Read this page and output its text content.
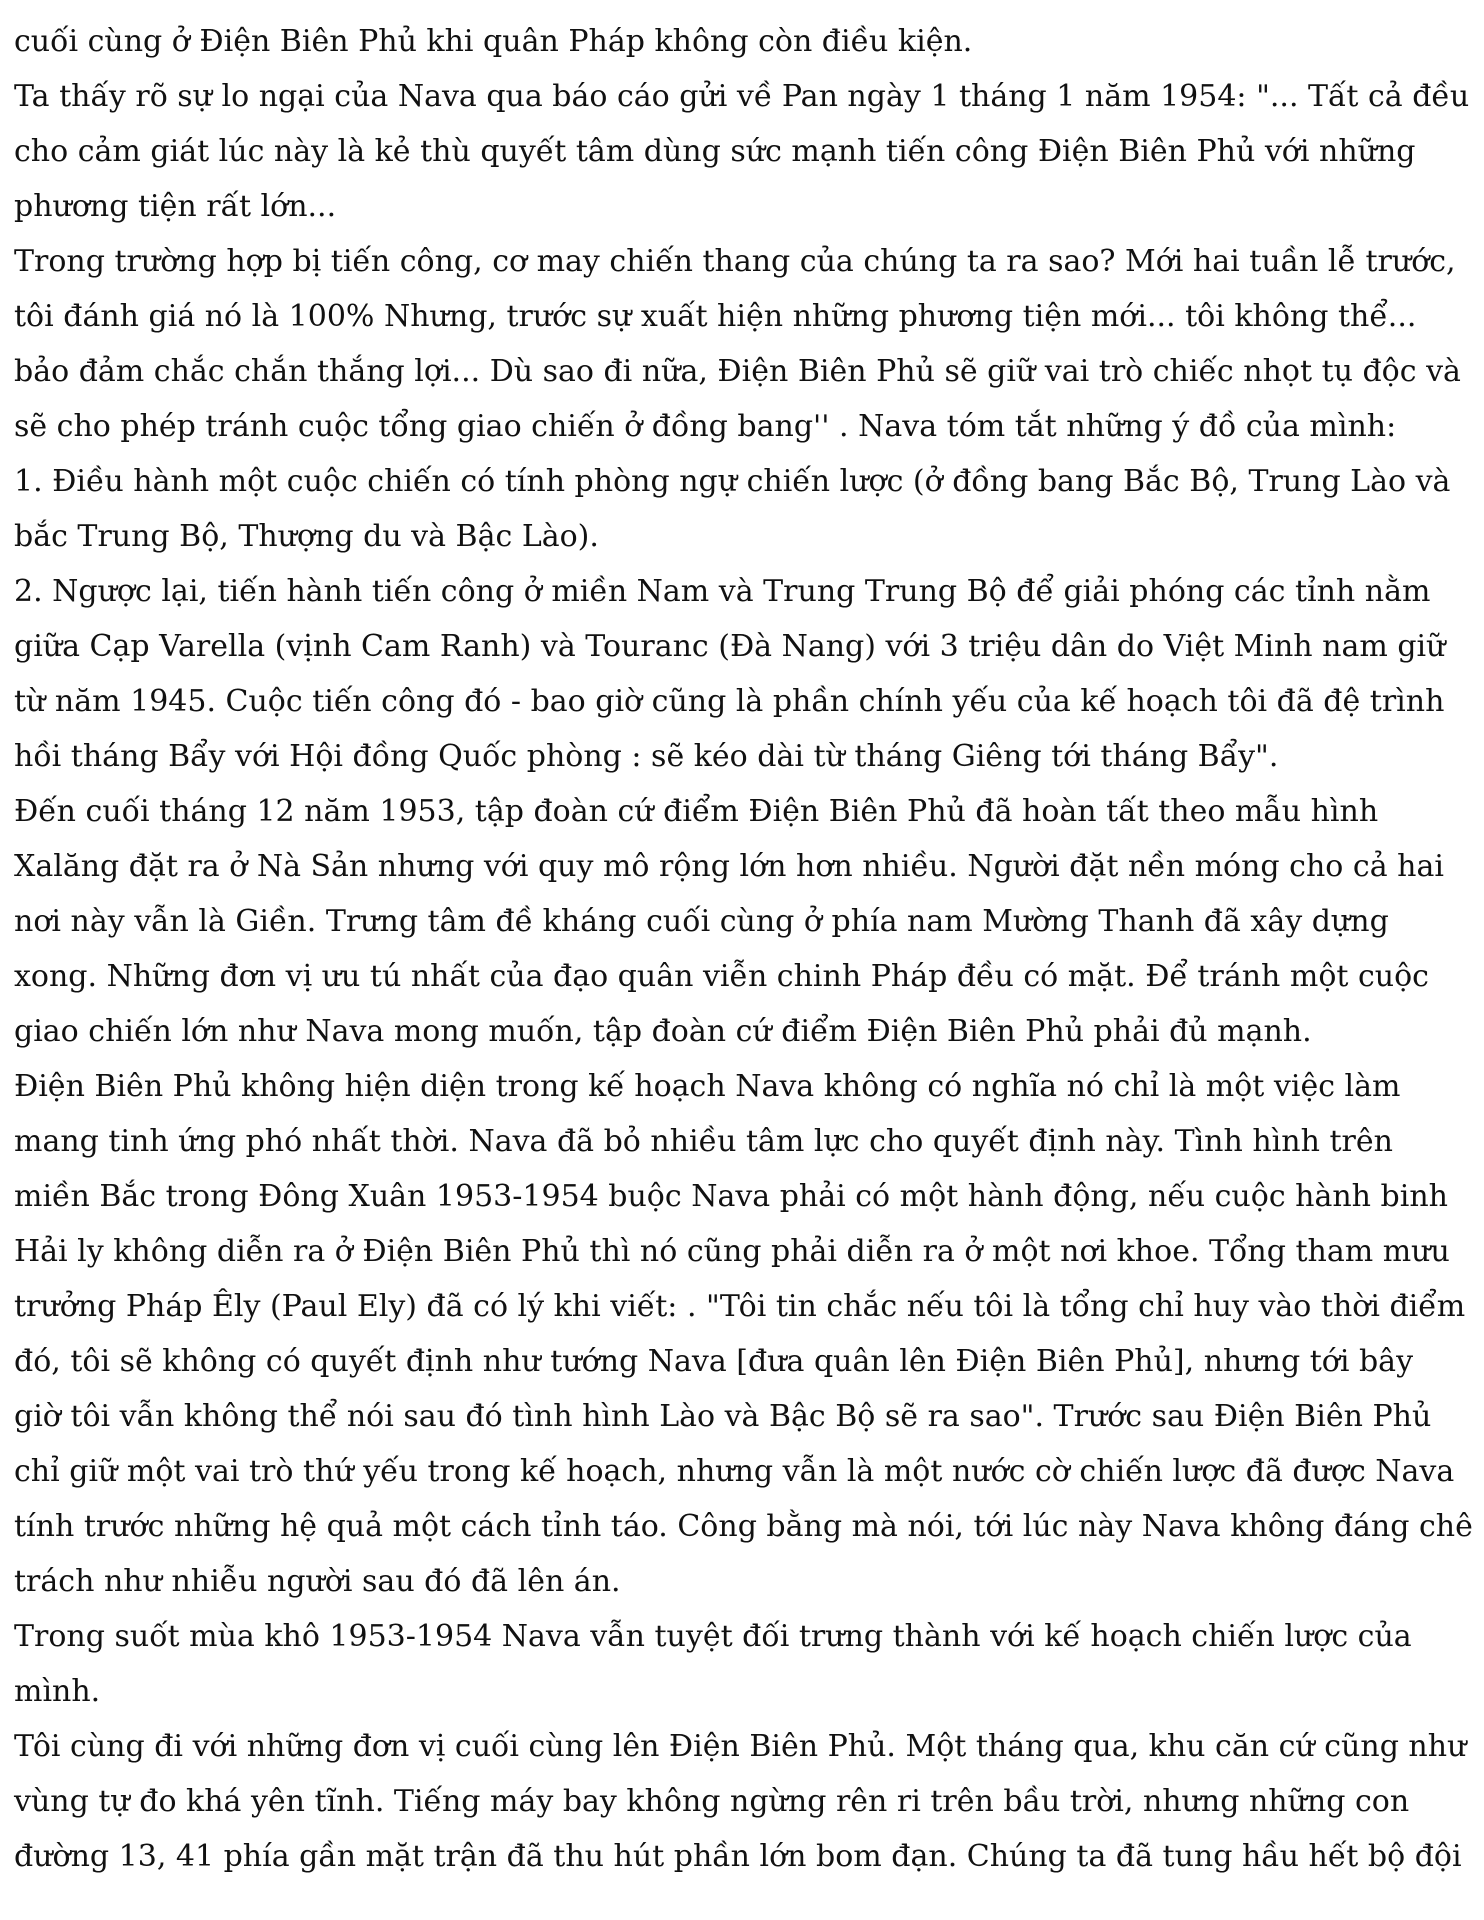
cuối cùng ở Điện Biên Phủ khi quân Pháp không còn điều kiện.
Ta thấy rõ sự lo ngại của Nava qua báo cáo gửi về Pan ngày 1 tháng 1 năm 1954: "... Tất cả đều
cho cảm giát lúc này là kẻ thù quyết tâm dùng sức mạnh tiến công Điện Biên Phủ với những
phương tiện rất lớn...
Trong trường hợp bị tiến công, cơ may chiến thang của chúng ta ra sao? Mới hai tuần lễ trước,
tôi đánh giá nó là 100% Nhưng, trước sự xuất hiện những phương tiện mới... tôi không thể...
bảo đảm chắc chắn thắng lợi... Dù sao đi nữa, Điện Biên Phủ sẽ giữ vai trò chiếc nhọt tụ độc và
sẽ cho phép tránh cuộc tổng giao chiến ở đồng bang'' . Nava tóm tắt những ý đồ của mình:
1. Điều hành một cuộc chiến có tính phòng ngự chiến lược (ở đồng bang Bắc Bộ, Trung Lào và
bắc Trung Bộ, Thượng du và Bậc Lào).
2. Ngược lại, tiến hành tiến công ở miền Nam và Trung Trung Bộ để giải phóng các tỉnh nằm
giữa Cạp Varella (vịnh Cam Ranh) và Touranc (Đà Nang) với 3 triệu dân do Việt Minh nam giữ
từ năm 1945. Cuộc tiến công đó - bao giờ cũng là phần chính yếu của kế hoạch tôi đã đệ trình
hồi tháng Bẩy với Hội đồng Quốc phòng : sẽ kéo dài từ tháng Giêng tới tháng Bẩy".
Đến cuối tháng 12 năm 1953, tập đoàn cứ điểm Điện Biên Phủ đã hoàn tất theo mẫu hình
Xalăng đặt ra ở Nà Sản nhưng với quy mô rộng lớn hơn nhiều. Người đặt nền móng cho cả hai
nơi này vẫn là Giền. Trưng tâm đề kháng cuối cùng ở phía nam Mường Thanh đã xây dựng
xong. Những đơn vị ưu tú nhất của đạo quân viễn chinh Pháp đều có mặt. Để tránh một cuộc
giao chiến lớn như Nava mong muốn, tập đoàn cứ điểm Điện Biên Phủ phải đủ mạnh.
Điện Biên Phủ không hiện diện trong kế hoạch Nava không có nghĩa nó chỉ là một việc làm
mang tinh ứng phó nhất thời. Nava đã bỏ nhiều tâm lực cho quyết định này. Tình hình trên
miền Bắc trong Đông Xuân 1953-1954 buộc Nava phải có một hành động, nếu cuộc hành binh
Hải ly không diễn ra ở Điện Biên Phủ thì nó cũng phải diễn ra ở một nơi khoe. Tổng tham mưu
trưởng Pháp Êly (Paul Ely) đã có lý khi viết: . "Tôi tin chắc nếu tôi là tổng chỉ huy vào thời điểm
đó, tôi sẽ không có quyết định như tướng Nava [đưa quân lên Điện Biên Phủ], nhưng tới bây
giờ tôi vẫn không thể nói sau đó tình hình Lào và Bậc Bộ sẽ ra sao". Trước sau Điện Biên Phủ
chỉ giữ một vai trò thứ yếu trong kế hoạch, nhưng vẫn là một nước cờ chiến lược đã được Nava
tính trước những hệ quả một cách tỉnh táo. Công bằng mà nói, tới lúc này Nava không đáng chê
trách như nhiễu người sau đó đã lên án.
Trong suốt mùa khô 1953-1954 Nava vẫn tuyệt đối trưng thành với kế hoạch chiến lược của
mình.
Tôi cùng đi với những đơn vị cuối cùng lên Điện Biên Phủ. Một tháng qua, khu căn cứ cũng như
vùng tự đo khá yên tĩnh. Tiếng máy bay không ngừng rên ri trên bầu trời, nhưng những con
đường 13, 41 phía gần mặt trận đã thu hút phần lớn bom đạn. Chúng ta đã tung hầu hết bộ đội
